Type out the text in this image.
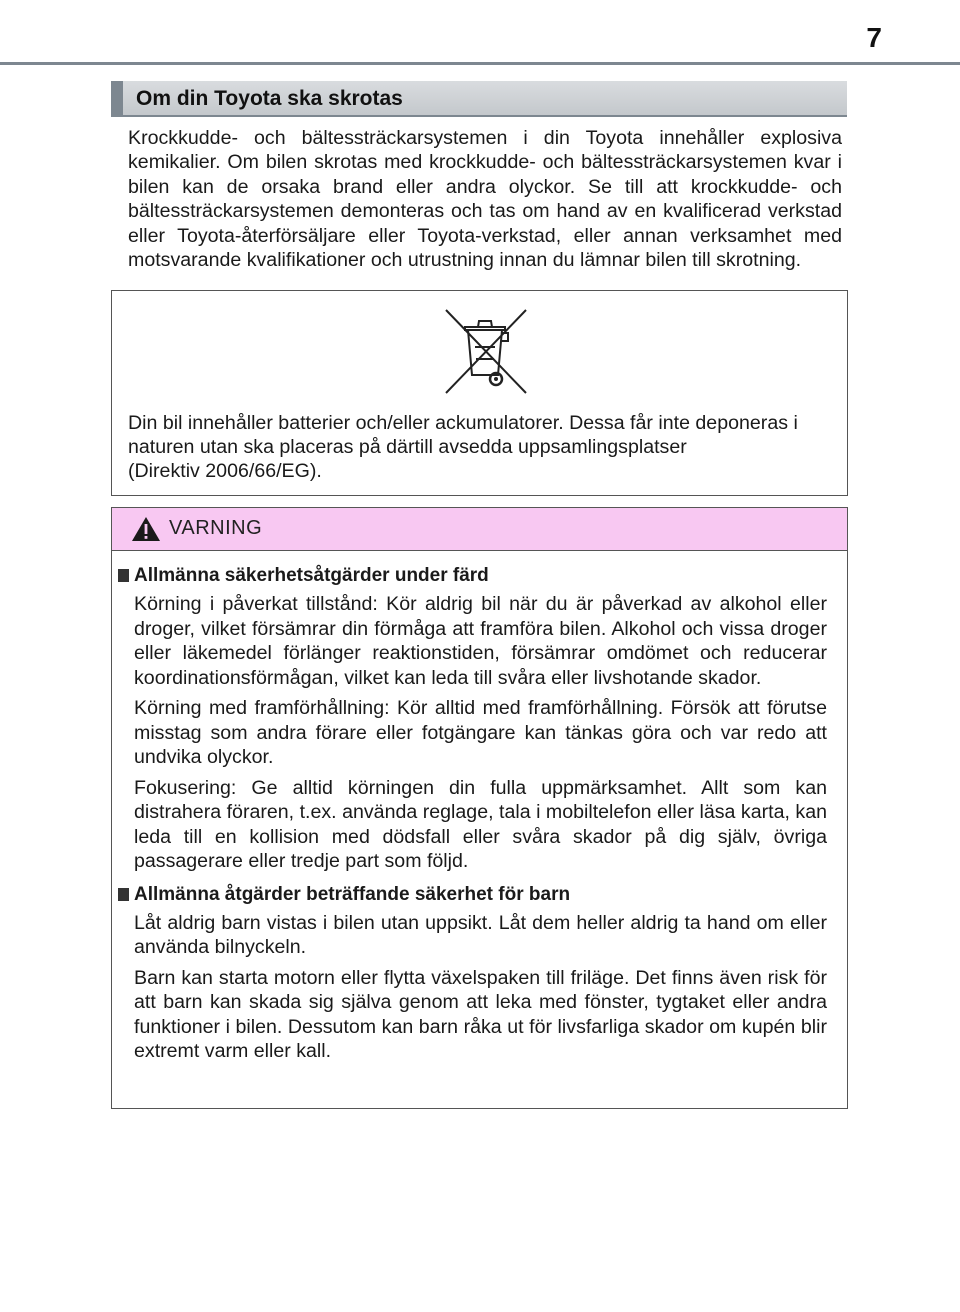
7
Om din Toyota ska skrotas
Krockkudde- och bältessträckarsystemen i din Toyota innehåller explosiva kemikalier. Om bilen skrotas med krockkudde- och bältessträckarsystemen kvar i bilen kan de orsaka brand eller andra olyckor. Se till att krockkudde- och bältessträckarsystemen demonteras och tas om hand av en kvalificerad verkstad eller Toyota-återförsäljare eller Toyota-verkstad, eller annan verksamhet med motsvarande kvalifikationer och utrustning innan du lämnar bilen till skrotning.
Din bil innehåller batterier och/eller ackumulatorer. Dessa får inte deponeras i
naturen utan ska placeras på därtill avsedda uppsamlingsplatser
(Direktiv 2006/66/EG).
VARNING
Allmänna säkerhetsåtgärder under färd
Körning i påverkat tillstånd: Kör aldrig bil när du är påverkad av alkohol eller droger, vilket försämrar din förmåga att framföra bilen. Alkohol och vissa droger eller läkemedel förlänger reaktionstiden, försämrar omdömet och reducerar koordinationsförmågan, vilket kan leda till svåra eller livshotande skador.
Körning med framförhållning: Kör alltid med framförhållning. Försök att förutse misstag som andra förare eller fotgängare kan tänkas göra och var redo att undvika olyckor.
Fokusering: Ge alltid körningen din fulla uppmärksamhet. Allt som kan distrahera föraren, t.ex. använda reglage, tala i mobiltelefon eller läsa karta, kan leda till en kollision med dödsfall eller svåra skador på dig själv, övriga passagerare eller tredje part som följd.
Allmänna åtgärder beträffande säkerhet för barn
Låt aldrig barn vistas i bilen utan uppsikt. Låt dem heller aldrig ta hand om eller använda bilnyckeln.
Barn kan starta motorn eller flytta växelspaken till friläge. Det finns även risk för att barn kan skada sig själva genom att leka med fönster, tygtaket eller andra funktioner i bilen. Dessutom kan barn råka ut för livsfarliga skador om kupén blir extremt varm eller kall.
